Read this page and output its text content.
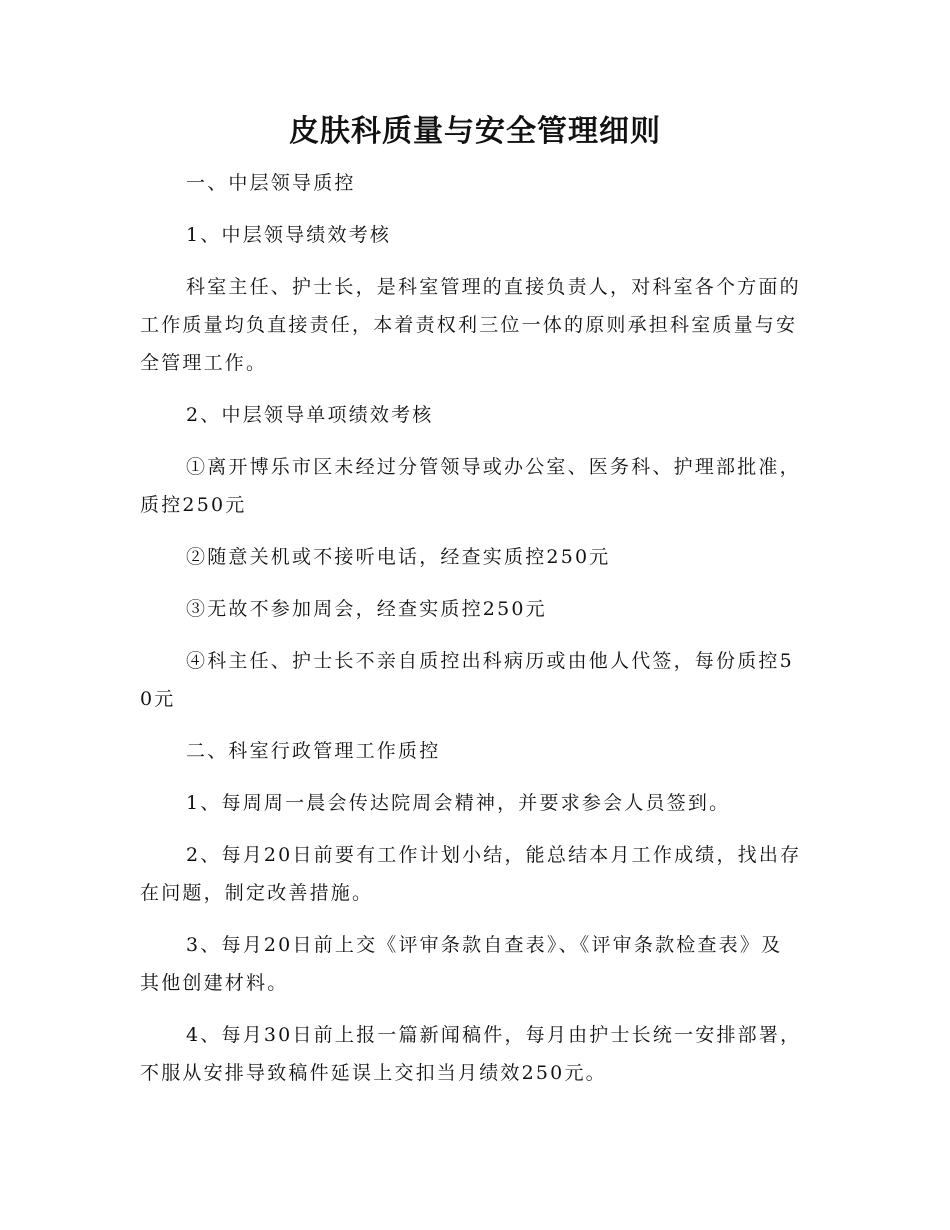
皮肤科质量与安全管理细则

一、中层领导质控

1、中层领导绩效考核

科室主任、护士长，是科室管理的直接负责人，对科室各个方面的工作质量均负直接责任，本着责权利三位一体的原则承担科室质量与安全管理工作。

2、中层领导单项绩效考核

①离开博乐市区未经过分管领导或办公室、医务科、护理部批准，质控250元

②随意关机或不接听电话，经查实质控250元

③无故不参加周会，经查实质控250元

④科主任、护士长不亲自质控出科病历或由他人代签，每份质控50元

二、科室行政管理工作质控

1、每周周一晨会传达院周会精神，并要求参会人员签到。

2、每月20日前要有工作计划小结，能总结本月工作成绩，找出存在问题，制定改善措施。

3、每月20日前上交《评审条款自查表》、《评审条款检查表》及其他创建材料。

4、每月30日前上报一篇新闻稿件，每月由护士长统一安排部署，不服从安排导致稿件延误上交扣当月绩效250元。
